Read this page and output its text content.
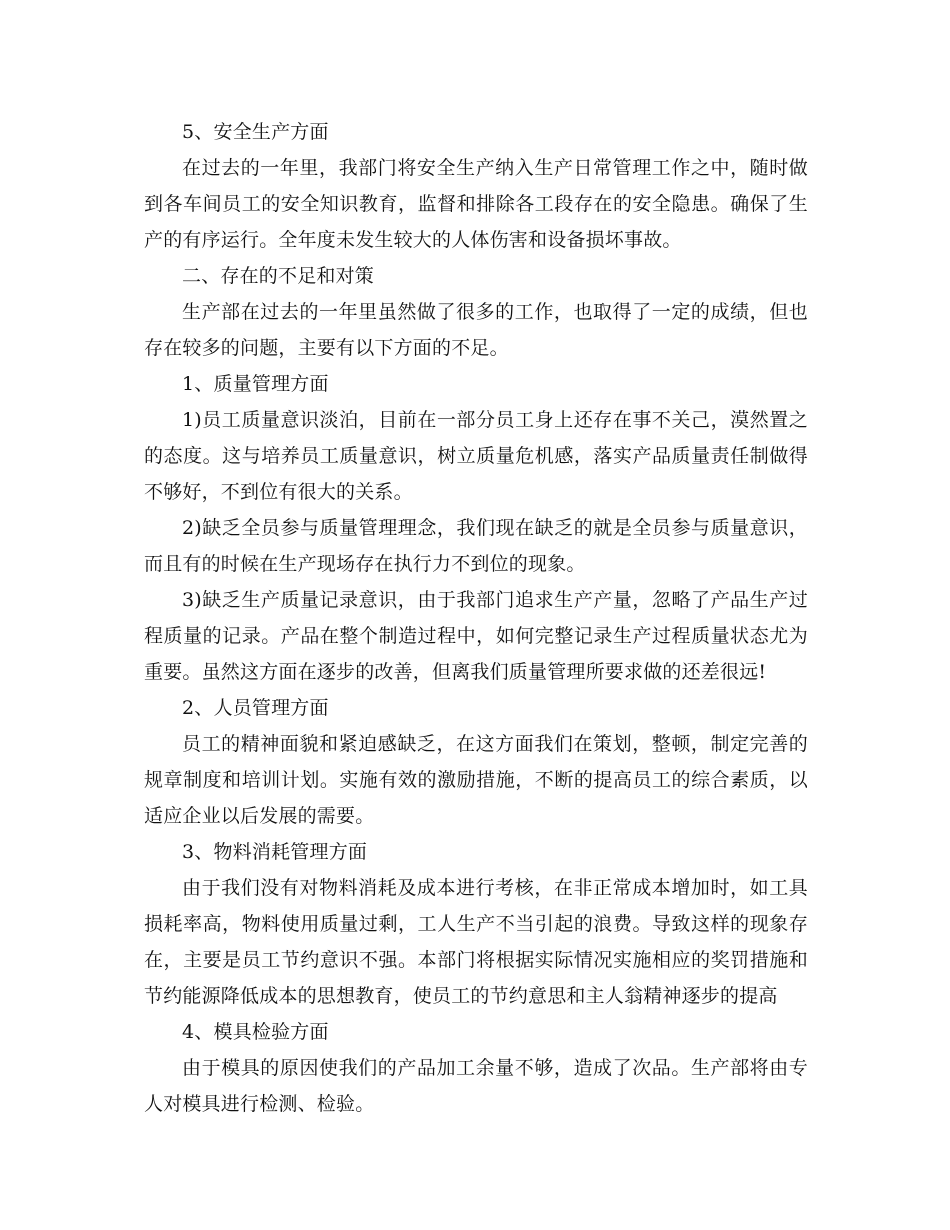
5、安全生产方面

在过去的一年里，我部门将安全生产纳入生产日常管理工作之中，随时做到各车间员工的安全知识教育，监督和排除各工段存在的安全隐患。确保了生产的有序运行。全年度未发生较大的人体伤害和设备损坏事故。

二、存在的不足和对策

生产部在过去的一年里虽然做了很多的工作，也取得了一定的成绩，但也存在较多的问题，主要有以下方面的不足。

1、质量管理方面

1)员工质量意识淡泊，目前在一部分员工身上还存在事不关己，漠然置之的态度。这与培养员工质量意识，树立质量危机感，落实产品质量责任制做得不够好，不到位有很大的关系。

2)缺乏全员参与质量管理理念，我们现在缺乏的就是全员参与质量意识，而且有的时候在生产现场存在执行力不到位的现象。

3)缺乏生产质量记录意识，由于我部门追求生产产量，忽略了产品生产过程质量的记录。产品在整个制造过程中，如何完整记录生产过程质量状态尤为重要。虽然这方面在逐步的改善，但离我们质量管理所要求做的还差很远!

2、人员管理方面

员工的精神面貌和紧迫感缺乏，在这方面我们在策划，整顿，制定完善的规章制度和培训计划。实施有效的激励措施，不断的提高员工的综合素质，以适应企业以后发展的需要。

3、物料消耗管理方面

由于我们没有对物料消耗及成本进行考核，在非正常成本增加时，如工具损耗率高，物料使用质量过剩，工人生产不当引起的浪费。导致这样的现象存在，主要是员工节约意识不强。本部门将根据实际情况实施相应的奖罚措施和节约能源降低成本的思想教育，使员工的节约意思和主人翁精神逐步的提高

4、模具检验方面

由于模具的原因使我们的产品加工余量不够，造成了次品。生产部将由专人对模具进行检测、检验。
